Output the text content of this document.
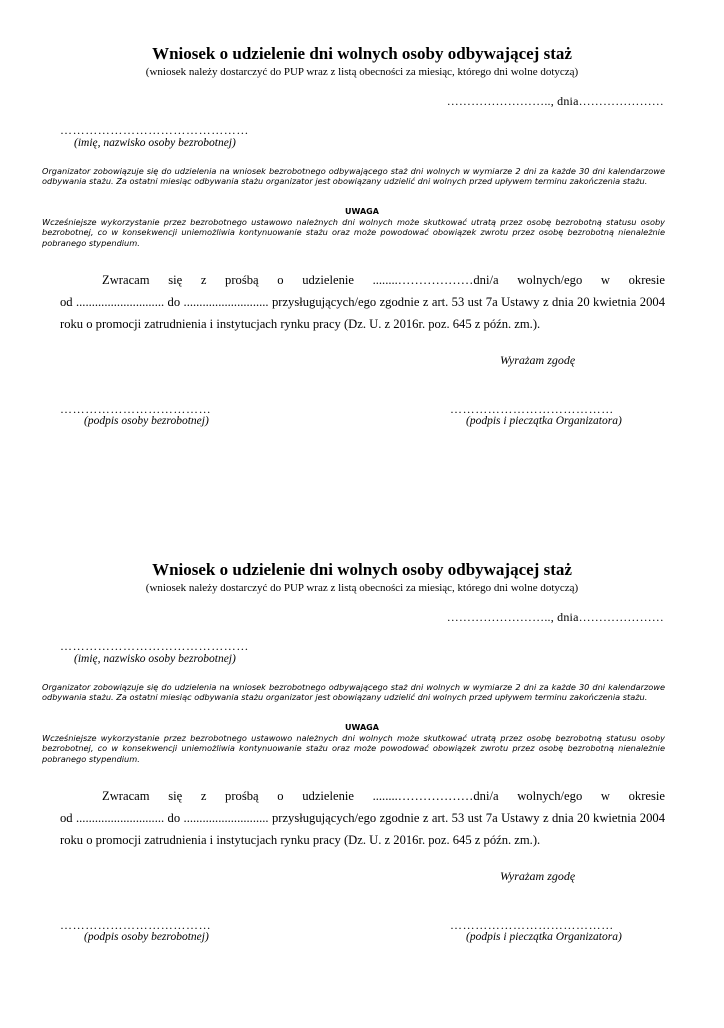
Wniosek o udzielenie dni wolnych osoby odbywającej staż
(wniosek należy dostarczyć do PUP wraz z listą obecności za miesiąc, którego dni wolne dotyczą)
…………………….., dnia…………………
………………………………………
(imię, nazwisko osoby bezrobotnej)
Organizator zobowiązuje się do udzielenia na wniosek bezrobotnego odbywającego staż dni wolnych w wymiarze 2 dni za każde 30 dni kalendarzowe odbywania stażu. Za ostatni miesiąc odbywania stażu organizator jest obowiązany udzielić dni wolnych przed upływem terminu zakończenia stażu.
UWAGA
Wcześniejsze wykorzystanie przez bezrobotnego ustawowo należnych dni wolnych może skutkować utratą przez osobę bezrobotną statusu osoby bezrobotnej, co w konsekwencji uniemożliwia kontynuowanie stażu oraz może powodować obowiązek zwrotu przez osobę bezrobotną nienależnie pobranego stypendium.
Zwracam się z prośbą o udzielenie ........………………dni/a wolnych/ego w okresie
od ............................ do ........................... przysługujących/ego zgodnie z art. 53 ust 7a Ustawy z dnia 20 kwietnia 2004
roku o promocji zatrudnienia i instytucjach rynku pracy (Dz. U. z 2016r. poz. 645 z późn. zm.).
Wyrażam zgodę
………………………………
(podpis osoby bezrobotnej)
…………………………………
(podpis i pieczątka Organizatora)
Wniosek o udzielenie dni wolnych osoby odbywającej staż
(wniosek należy dostarczyć do PUP wraz z listą obecności za miesiąc, którego dni wolne dotyczą)
…………………….., dnia…………………
………………………………………
(imię, nazwisko osoby bezrobotnej)
Organizator zobowiązuje się do udzielenia na wniosek bezrobotnego odbywającego staż dni wolnych w wymiarze 2 dni za każde 30 dni kalendarzowe odbywania stażu. Za ostatni miesiąc odbywania stażu organizator jest obowiązany udzielić dni wolnych przed upływem terminu zakończenia stażu.
UWAGA
Wcześniejsze wykorzystanie przez bezrobotnego ustawowo należnych dni wolnych może skutkować utratą przez osobę bezrobotną statusu osoby bezrobotnej, co w konsekwencji uniemożliwia kontynuowanie stażu oraz może powodować obowiązek zwrotu przez osobę bezrobotną nienależnie pobranego stypendium.
Zwracam się z prośbą o udzielenie ........………………dni/a wolnych/ego w okresie
od ............................ do ........................... przysługujących/ego zgodnie z art. 53 ust 7a Ustawy z dnia 20 kwietnia 2004
roku o promocji zatrudnienia i instytucjach rynku pracy (Dz. U. z 2016r. poz. 645 z późn. zm.).
Wyrażam zgodę
………………………………
(podpis osoby bezrobotnej)
…………………………………
(podpis i pieczątka Organizatora)
